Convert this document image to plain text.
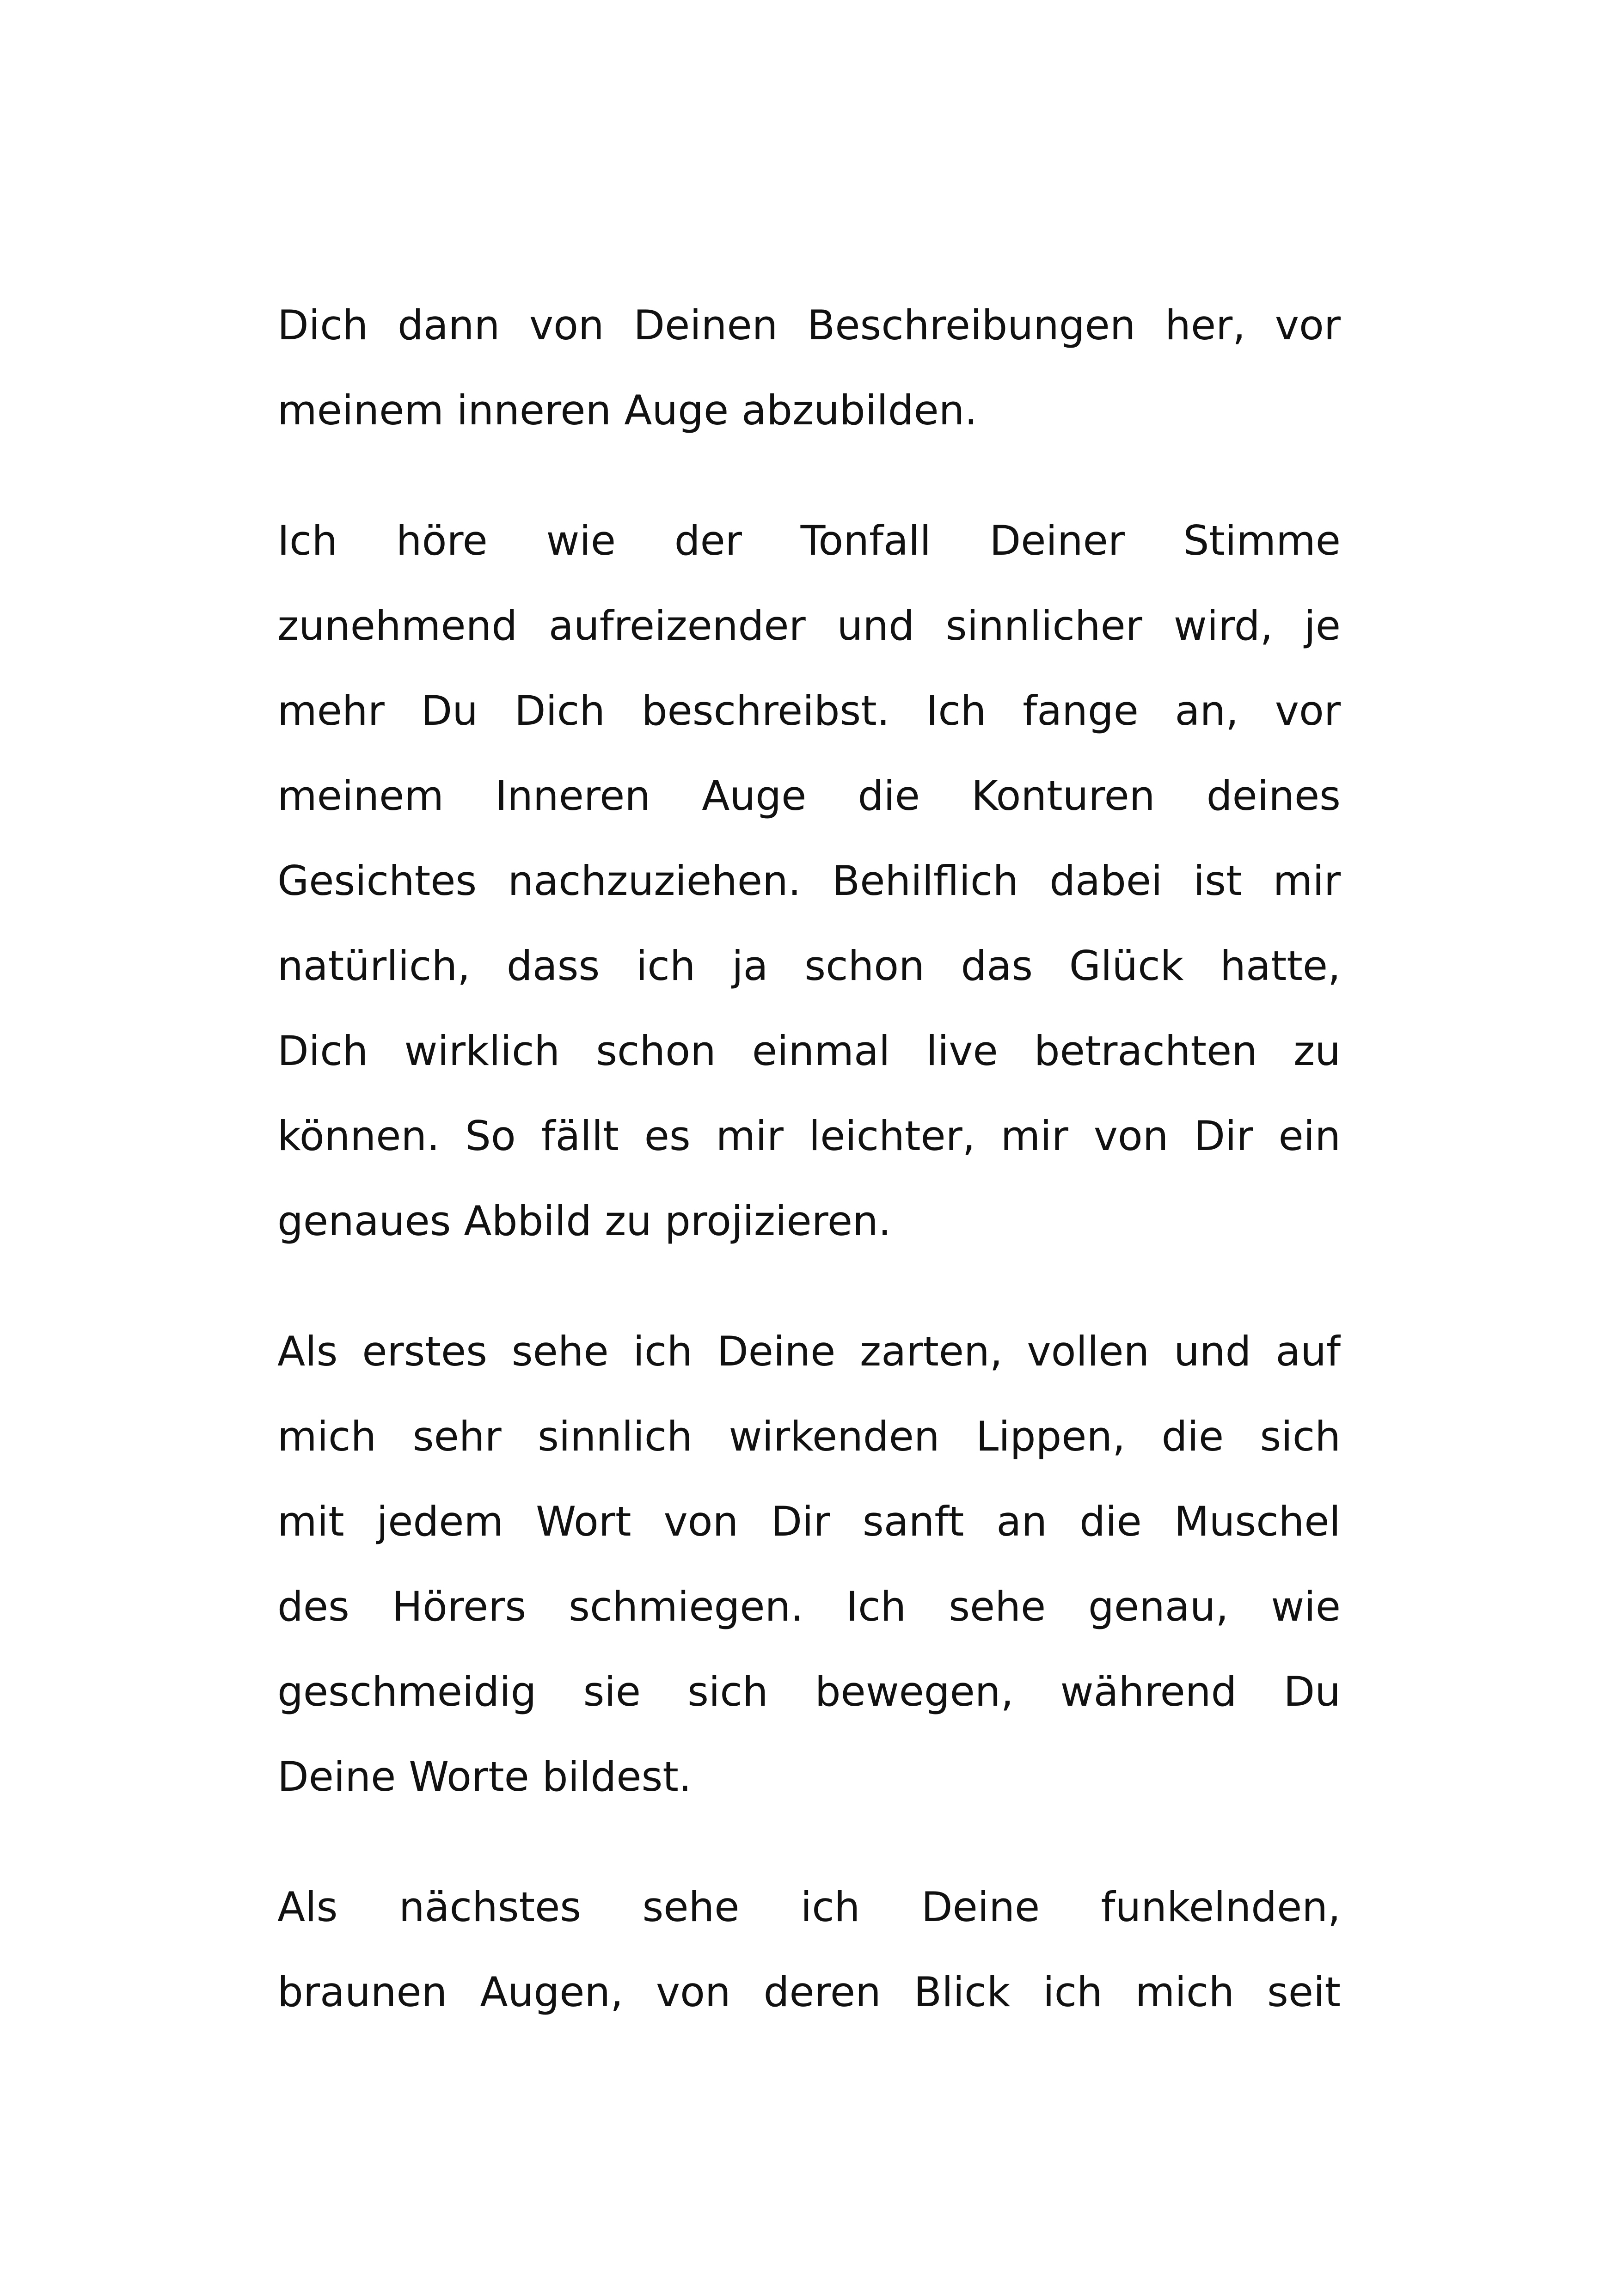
Dich dann von Deinen Beschreibungen her, vor
meinem inneren Auge abzubilden.
Ich höre wie der Tonfall Deiner Stimme
zunehmend aufreizender und sinnlicher wird, je
mehr Du Dich beschreibst. Ich fange an, vor
meinem Inneren Auge die Konturen deines
Gesichtes nachzuziehen. Behilflich dabei ist mir
natürlich, dass ich ja schon das Glück hatte,
Dich wirklich schon einmal live betrachten zu
können. So fällt es mir leichter, mir von Dir ein
genaues Abbild zu projizieren.
Als erstes sehe ich Deine zarten, vollen und auf
mich sehr sinnlich wirkenden Lippen, die sich
mit jedem Wort von Dir sanft an die Muschel
des Hörers schmiegen. Ich sehe genau, wie
geschmeidig sie sich bewegen, während Du
Deine Worte bildest.
Als nächstes sehe ich Deine funkelnden,
braunen Augen, von deren Blick ich mich seit
